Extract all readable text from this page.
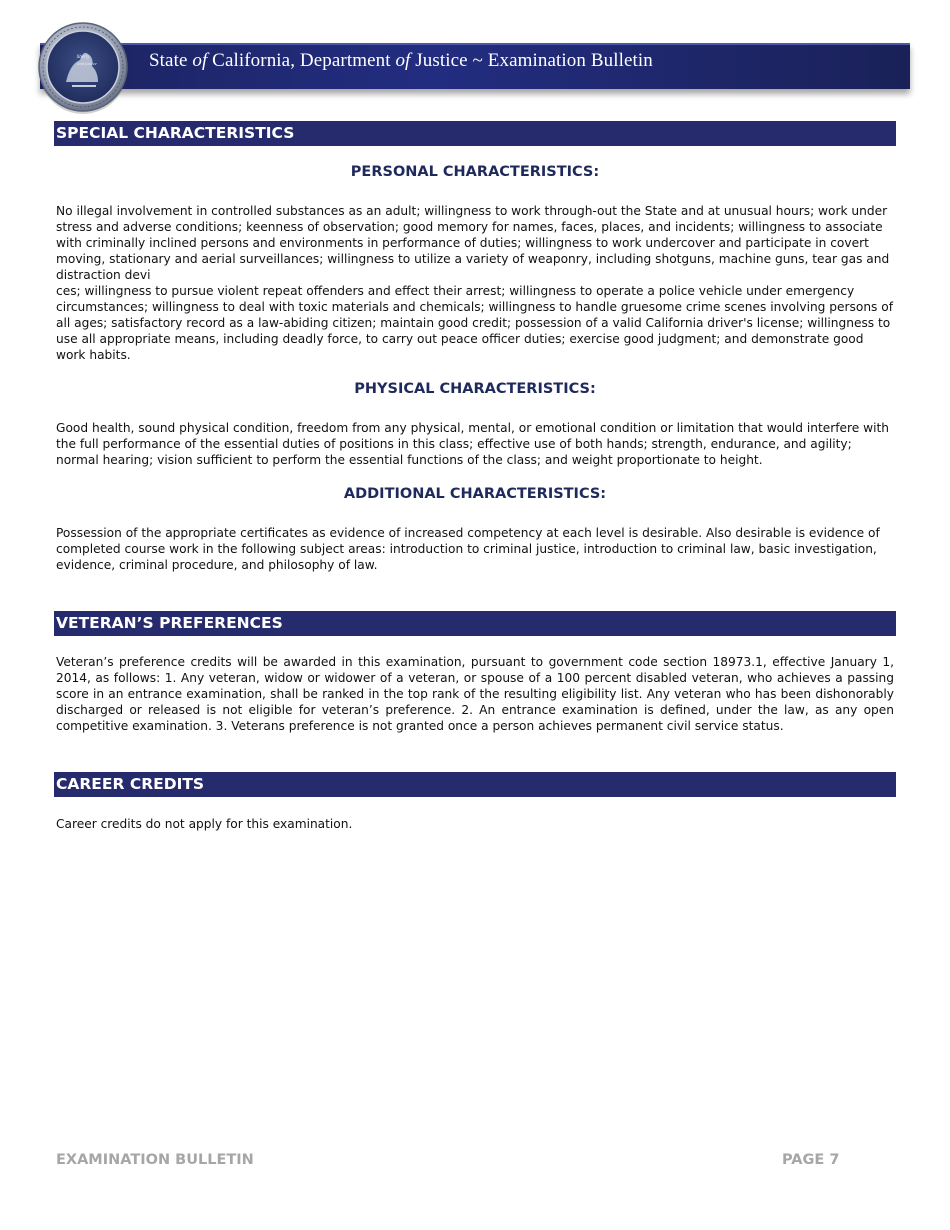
State of California, Department of Justice ~ Examination Bulletin
liberty
and justice
SPECIAL CHARACTERISTICS
PERSONAL CHARACTERISTICS:

No illegal involvement in controlled substances as an adult; willingness to work through-out the State and at unusual hours; work under stress and adverse conditions; keenness of observation; good memory for names, faces, places, and incidents; willingness to associate with criminally inclined persons and environments in performance of duties; willingness to work undercover and participate in covert moving, stationary and aerial surveillances; willingness to utilize a variety of weaponry, including shotguns, machine guns, tear gas and distraction devi

ces; willingness to pursue violent repeat offenders and effect their arrest; willingness to operate a police vehicle under emergency circumstances; willingness to deal with toxic materials and chemicals; willingness to handle gruesome crime scenes involving persons of all ages; satisfactory record as a law-abiding citizen; maintain good credit; possession of a valid California driver's license; willingness to use all appropriate means, including deadly force, to carry out peace officer duties; exercise good judgment; and demonstrate good work habits.

PHYSICAL CHARACTERISTICS:
Good health, sound physical condition, freedom from any physical, mental, or emotional condition or limitation that would interfere with the full performance of the essential duties of positions in this class; effective use of both hands; strength, endurance, and agility; normal hearing; vision sufficient to perform the essential functions of the class; and weight proportionate to height.
ADDITIONAL CHARACTERISTICS:
Possession of the appropriate certificates as evidence of increased competency at each level is desirable. Also desirable is evidence of completed course work in the following subject areas: introduction to criminal justice, introduction to criminal law, basic investigation, evidence, criminal procedure, and philosophy of law.
VETERAN’S PREFERENCES
Veteran’s preference credits will be awarded in this examination, pursuant to government code section 18973.1, effective January 1, 2014, as follows: 1. Any veteran, widow or widower of a veteran, or spouse of a 100 percent disabled veteran, who achieves a passing score in an entrance examination, shall be ranked in the top rank of the resulting eligibility list. Any veteran who has been dishonorably discharged or released is not eligible for veteran’s preference. 2. An entrance examination is defined, under the law, as any open competitive examination. 3. Veterans preference is not granted once a person achieves permanent civil service status.
CAREER CREDITS
Career credits do not apply for this examination.
EXAMINATION BULLETIN	PAGE 7
